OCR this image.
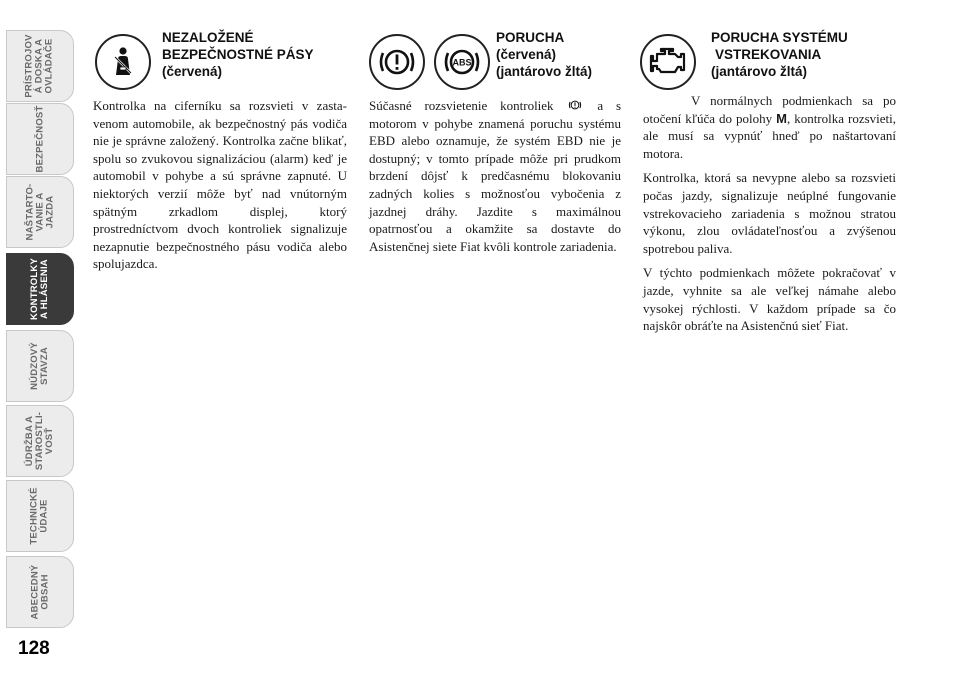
PRÍSTROJOV
Á DOSKA A
OVLÁDAČE
BEZPEČNOSŤ
NAŠTARTO-
VANIE A
JAZDA
KONTROLKY
A HLÁSENIA
NÚDZOVÝ
STAVZA
ÚDRŽBA A
STAROSTLI-
VOSŤ
TECHNICKÉ
ÚDAJE
ABECEDNÝ
OBSAH
128
NEZALOŽENÉ
BEZPEČNOSTNÉ PÁSY
(červená)

Kontrolka na ciferníku sa rozsvieti v zastavenom automobile, ak bezpečnostný pás vodiča nie je správne založený. Kontrolka začne blikať, spolu so zvukovou signalizáciou (alarm) keď je automobil v pohybe a sú správne zapnuté. U niektorých verzií môže byť nad vnútorným spätným zrkadlom displej, ktorý prostredníctvom dvoch kontroliek signalizuje nezapnutie bezpečnostného pásu vodiča alebo spolujazdca.

ABS
PORUCHA
(červená)
(jantárovo žltá)

Súčasné rozsvietenie kontroliek	a s motorom v pohybe znamená poruchu systému EBD alebo oznamuje, že systém EBD nie je dostupný; v tomto prípade môže pri prudkom brzdení dôjsť k predčasnému blokovaniu zadných kolies s možnosťou vybočenia z jazdnej dráhy. Jazdite s maximálnou opatrnosťou a okamžite sa dostavte do Asistenčnej siete Fiat kvôli kontrole zariadenia.

PORUCHA SYSTÉMU
VSTREKOVANIA
(jantárovo žltá)

V normálnych podmienkach sa po otočení kľúča do polohy M, kontrolka rozsvieti, ale musí sa vypnúť hneď po naštartovaní motora.

Kontrolka, ktorá sa nevypne alebo sa rozsvieti počas jazdy, signalizuje neúplné fungovanie vstrekovacieho zariadenia s možnou stratou výkonu, zlou ovládateľnosťou a zvýšenou spotrebou paliva.

V týchto podmienkach môžete pokračovať v jazde, vyhnite sa ale veľkej námahe alebo vysokej rýchlosti. V každom prípade sa čo najskôr obráťte na Asistenčnú sieť Fiat.
